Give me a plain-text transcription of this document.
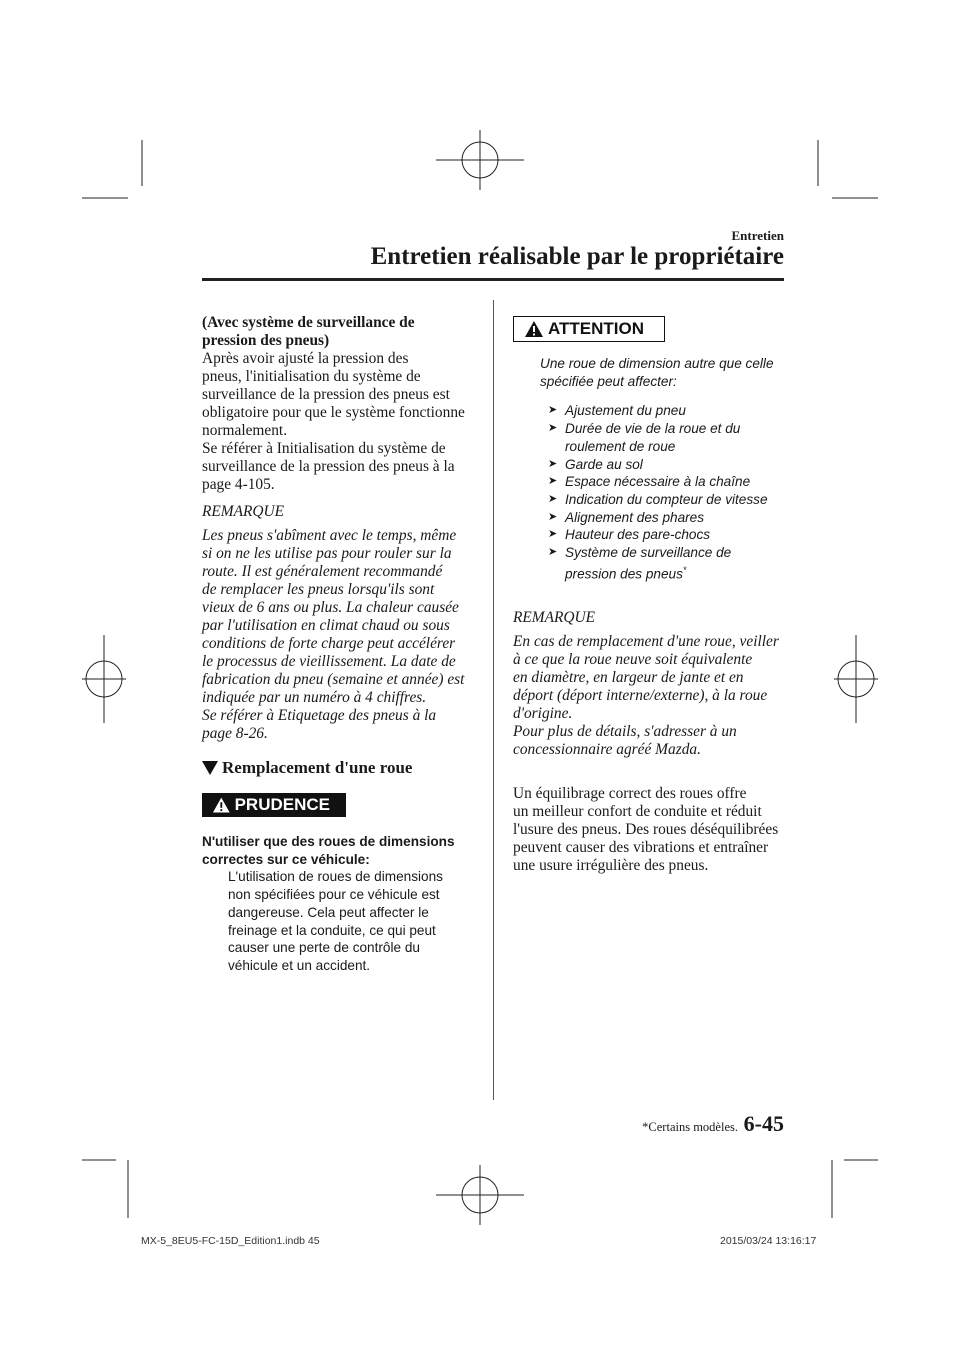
Entretien
Entretien réalisable par le propriétaire
(Avec système de surveillance de pression des pneus)
Après avoir ajusté la pression des
pneus, l'initialisation du système de
surveillance de la pression des pneus est
obligatoire pour que le système fonctionne
normalement.
Se référer à Initialisation du système de
surveillance de la pression des pneus à la
page 4-105.
REMARQUE
Les pneus s'abîment avec le temps, même
si on ne les utilise pas pour rouler sur la
route. Il est généralement recommandé
de remplacer les pneus lorsqu'ils sont
vieux de 6 ans ou plus. La chaleur causée
par l'utilisation en climat chaud ou sous
conditions de forte charge peut accélérer
le processus de vieillissement. La date de
fabrication du pneu (semaine et année) est
indiquée par un numéro à 4 chiffres.
Se référer à Etiquetage des pneus à la
page 8-26.
Remplacement d'une roue
PRUDENCE
N'utiliser que des roues de dimensions
correctes sur ce véhicule:
L'utilisation de roues de dimensions
non spécifiées pour ce véhicule est
dangereuse. Cela peut affecter le
freinage et la conduite, ce qui peut
causer une perte de contrôle du
véhicule et un accident.
ATTENTION
Une roue de dimension autre que celle
spécifiée peut affecter:
➤ Ajustement du pneu
➤ Durée de vie de la roue et du
roulement de roue
➤ Garde au sol
➤ Espace nécessaire à la chaîne
➤ Indication du compteur de vitesse
➤ Alignement des phares
➤ Hauteur des pare-chocs
➤ Système de surveillance de
pression des pneus*
REMARQUE
En cas de remplacement d'une roue, veiller
à ce que la roue neuve soit équivalente
en diamètre, en largeur de jante et en
déport (déport interne/externe), à la roue
d'origine.
Pour plus de détails, s'adresser à un
concessionnaire agréé Mazda.
Un équilibrage correct des roues offre
un meilleur confort de conduite et réduit
l'usure des pneus. Des roues déséquilibrées
peuvent causer des vibrations et entraîner
une usure irrégulière des pneus.
*Certains modèles. 6-45
MX-5_8EU5-FC-15D_Edition1.indb 45	2015/03/24 13:16:17
